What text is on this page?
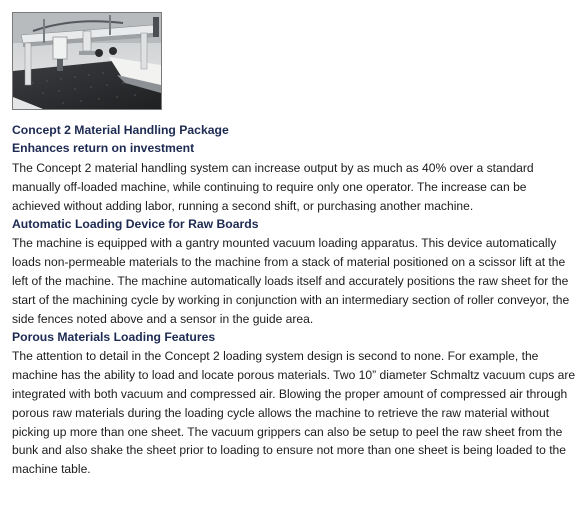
Concept 2 Material Handling Package
Enhances return on investment

The Concept 2 material handling system can increase output by as much as 40% over a standard manually off-loaded machine, while continuing to require only one operator. The increase can be achieved without adding labor, running a second shift, or purchasing another machine.

Automatic Loading Device for Raw Boards

The machine is equipped with a gantry mounted vacuum loading apparatus. This device automatically loads non-permeable materials to the machine from a stack of material positioned on a scissor lift at the left of the machine. The machine automatically loads itself and accurately positions the raw sheet for the start of the machining cycle by working in conjunction with an intermediary section of roller conveyor, the side fences noted above and a sensor in the guide area.

Porous Materials Loading Features

The attention to detail in the Concept 2 loading system design is second to none. For example, the machine has the ability to load and locate porous materials. Two 10” diameter Schmaltz vacuum cups are integrated with both vacuum and compressed air. Blowing the proper amount of compressed air through porous raw materials during the loading cycle allows the machine to retrieve the raw material without picking up more than one sheet. The vacuum grippers can also be setup to peel the raw sheet from the bunk and also shake the sheet prior to loading to ensure not more than one sheet is being loaded to the machine table.
